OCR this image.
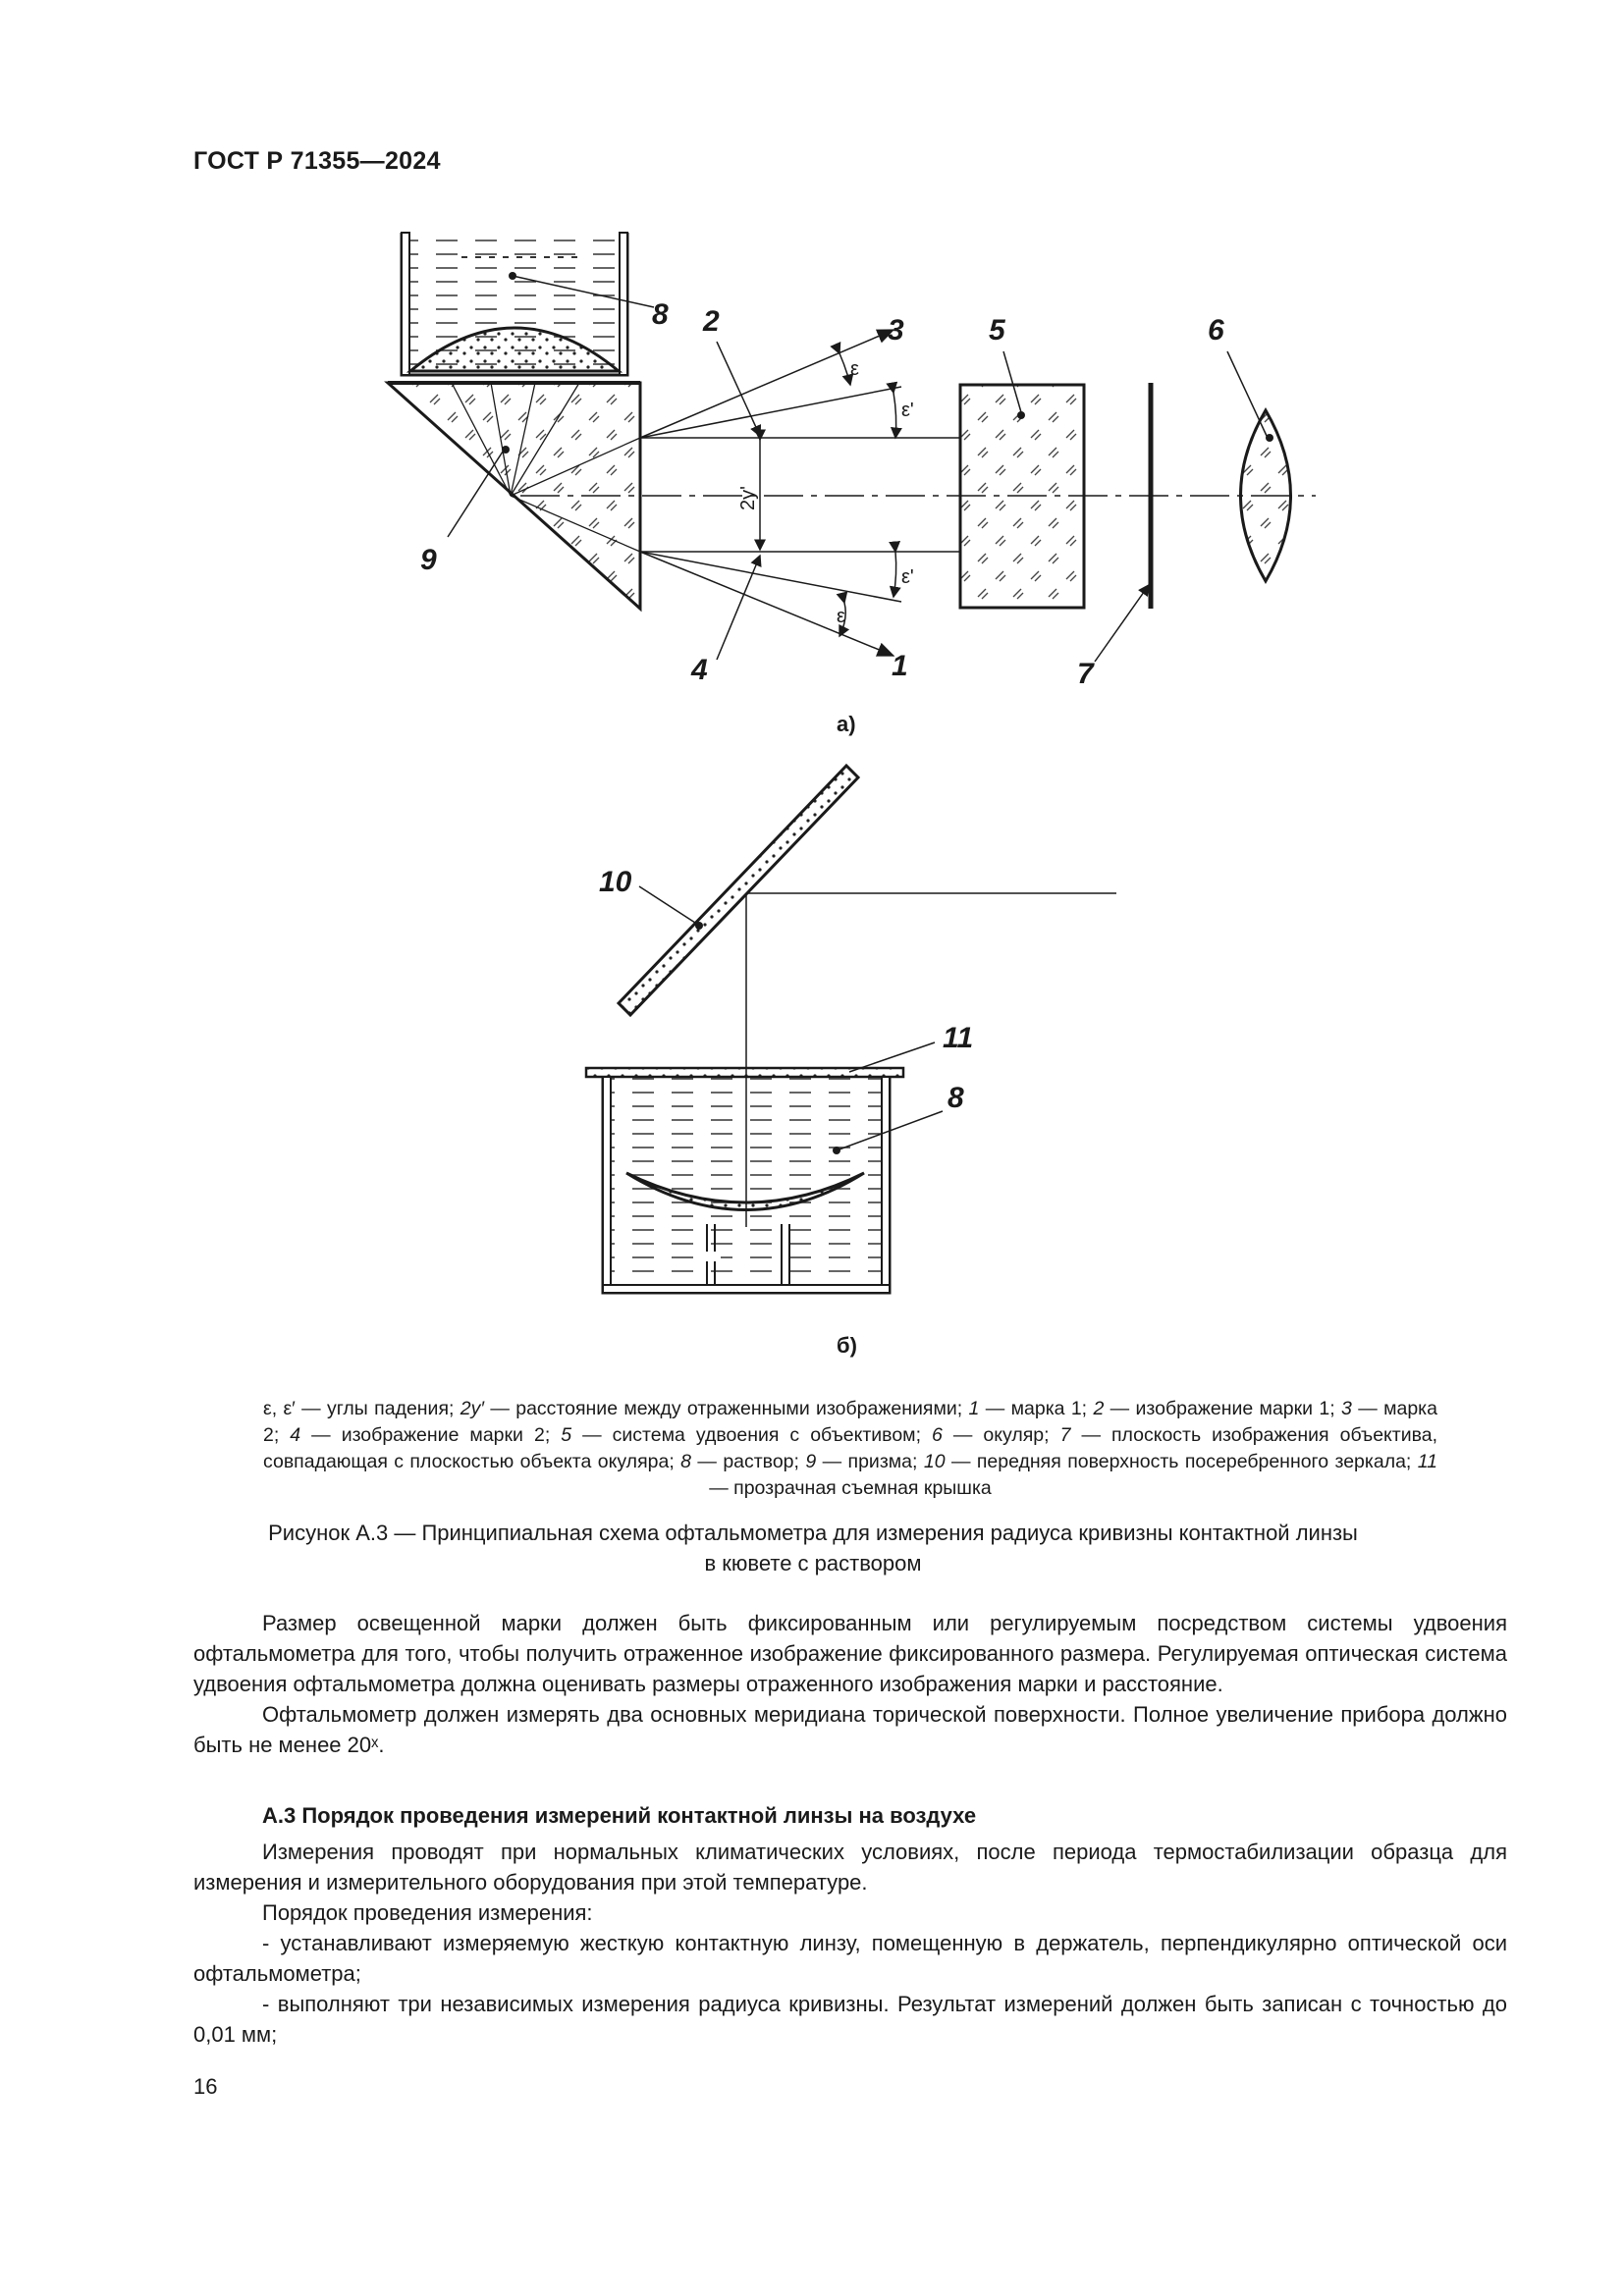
ГОСТ Р 71355—2024
8 2	3	5	6
9
4	1	7
ε
ε'
ε'
ε
2y'
10
11
8
а)
б)
ε, ε′ — углы падения; 2y′ — расстояние между отраженными изображениями; 1 — марка 1; 2 — изображение марки 1; 3 — марка 2; 4 — изображение марки 2; 5 — система удвоения с объективом; 6 — окуляр; 7 — плоскость изображения объектива, совпадающая с плоскостью объекта окуляра; 8 — раствор; 9 — призма; 10 — передняя поверхность посеребренного зеркала; 11 — прозрачная съемная крышка
Рисунок А.3 — Принципиальная схема офтальмометра для измерения радиуса кривизны контактной линзы
в кювете с раствором

Размер освещенной марки должен быть фиксированным или регулируемым посредством системы удвоения офтальмометра для того, чтобы получить отраженное изображение фиксированного размера. Регулируемая оптическая система удвоения офтальмометра должна оценивать размеры отраженного изображения марки и расстояние.

Офтальмометр должен измерять два основных меридиана торической поверхности. Полное увеличение прибора должно быть не менее 20ˣ.

А.3 Порядок проведения измерений контактной линзы на воздухе

Измерения проводят при нормальных климатических условиях, после периода термостабилизации образца для измерения и измерительного оборудования при этой температуре.

Порядок проведения измерения:

- устанавливают измеряемую жесткую контактную линзу, помещенную в держатель, перпендикулярно оптической оси офтальмометра;

- выполняют три независимых измерения радиуса кривизны. Результат измерений должен быть записан с точностью до 0,01 мм;

16
